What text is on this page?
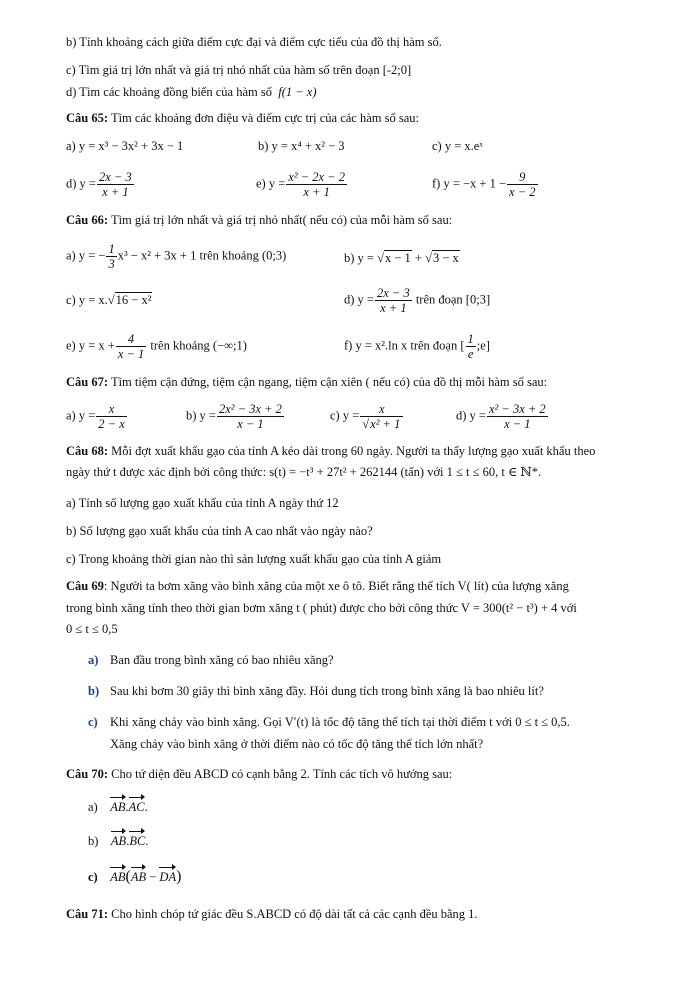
b) Tính khoảng cách giữa điểm cực đại và điểm cực tiểu của đồ thị hàm số.
c) Tìm giá trị lớn nhất và giá trị nhỏ nhất của hàm số trên đoạn [-2;0]
d) Tìm các khoảng đồng biến của hàm số f(1 − x)
Câu 65: Tìm các khoảng đơn điệu và điểm cực trị của các hàm số sau:
a) y = x³ − 3x² + 3x − 1	b) y = x⁴ + x² − 3	c) y = x.eˣ
d) $y = \frac{2x - 3}{x + 1}$	e) $y = \frac{\text{x² − 2x − 2}}{x + 1}$	f) $y = -x + 1 - \frac{9}{x - 2}$
Câu 66: Tìm giá trị lớn nhất và giá trị nhỏ nhất( nếu có) của mỗi hàm số sau:
a) y = − $\frac{1}{3} x^3 - x^2 + 3x + 1$ trên khoảng (0;3)	b) y = √x − 1 + √3 − x
c) y = x.√16 − x²	d) $y = \frac{2x - 3}{x + 1}$ trên đoạn [0;3]
e) $y = x + \frac{4}{x - 1}$ trên khoảng (−∞;1)	f) y = x².ln x trên đoạn [ $\frac{1}{e}$ ;e]
Câu 67: Tìm tiệm cận đứng, tiệm cận ngang, tiệm cận xiên ( nếu có) của đồ thị mỗi hàm số sau:
a) $y = \frac{x}{2 - x}$	b) $y = \frac{\text{2x² − 3x + 2}}{x - 1}$	c) $y = \frac{x}{\text{√x² + 1}}$	d) $y = \frac{\text{x² − 3x + 2}}{x - 1}$
Câu 68: Mỗi đợt xuất khẩu gạo của tỉnh A kéo dài trong 60 ngày. Người ta thấy lượng gạo xuất khẩu theo
ngày thứ t được xác định bởi công thức: s(t) = −t³ + 27t² + 262144 (tấn) với 1 ≤ t ≤ 60, t ∈ ℕ*.
a) Tính số lượng gạo xuất khẩu của tỉnh A ngày thứ 12
b) Số lượng gạo xuất khẩu của tỉnh A cao nhất vào ngày nào?
c) Trong khoảng thời gian nào thì sản lượng xuất khẩu gạo của tỉnh A giảm
Câu 69: Người ta bơm xăng vào bình xăng của một xe ô tô. Biết rằng thể tích V( lít) của lượng xăng
trong bình xăng tính theo thời gian bơm xăng t ( phút) được cho bởi công thức V = 300(t² − t³) + 4 với
0 ≤ t ≤ 0,5
a) Ban đầu trong bình xăng có bao nhiêu xăng?
b) Sau khi bơm 30 giây thì bình xăng đầy. Hỏi dung tích trong bình xăng là bao nhiêu lít?
c) Khi xăng chảy vào bình xăng. Gọi V′(t) là tốc độ tăng thể tích tại thời điểm t với 0 ≤ t ≤ 0,5.
Xăng chảy vào bình xăng ở thời điểm nào có tốc độ tăng thể tích lớn nhất?
Câu 70: Cho tứ diện đều ABCD có cạnh bằng 2. Tính các tích vô hướng sau:
a) AB.AC.
b) AB.BC.
c) AB(AB − DA)
Câu 71: Cho hình chóp tứ giác đều S.ABCD có độ dài tất cả các cạnh đều bằng 1.
